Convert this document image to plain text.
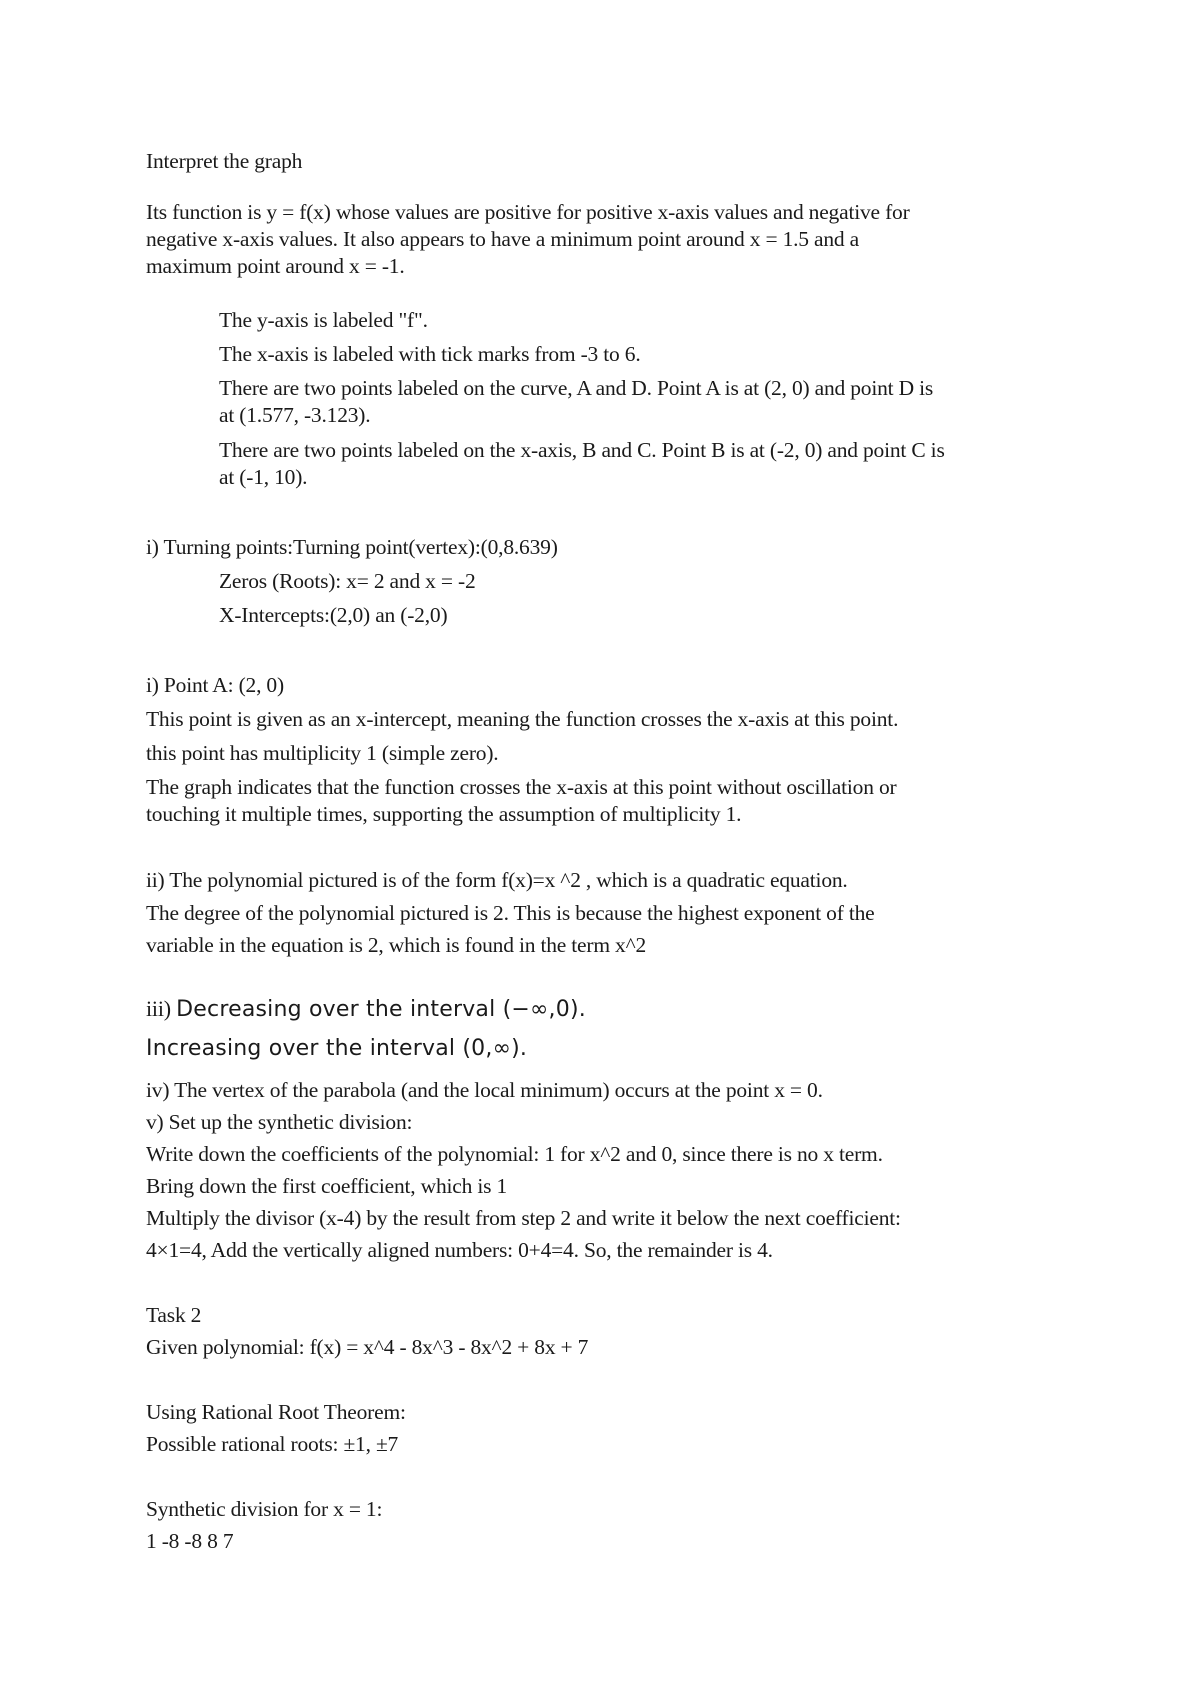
Interpret the graph
Its function is y = f(x) whose values are positive for positive x-axis values and negative for
negative x-axis values. It also appears to have a minimum point around x = 1.5 and a
maximum point around x = -1.
The y-axis is labeled "f".
The x-axis is labeled with tick marks from -3 to 6.
There are two points labeled on the curve, A and D. Point A is at (2, 0) and point D is
at (1.577, -3.123).
There are two points labeled on the x-axis, B and C. Point B is at (-2, 0) and point C is
at (-1, 10).
i) Turning points:Turning point(vertex):(0,8.639)
Zeros (Roots): x= 2 and x = -2
X-Intercepts:(2,0) an (-2,0)
i) Point A: (2, 0)
This point is given as an x-intercept, meaning the function crosses the x-axis at this point.
this point has multiplicity 1 (simple zero).
The graph indicates that the function crosses the x-axis at this point without oscillation or
touching it multiple times, supporting the assumption of multiplicity 1.
ii) The polynomial pictured is of the form f(x)=x ^2 , which is a quadratic equation.
The degree of the polynomial pictured is 2. This is because the highest exponent of the
variable in the equation is 2, which is found in the term x^2
iii) Decreasing over the interval (−∞,0).
Increasing over the interval (0,∞).
iv) The vertex of the parabola (and the local minimum) occurs at the point x = 0.
v) Set up the synthetic division:
Write down the coefficients of the polynomial: 1 for x^2 and 0, since there is no x term.
Bring down the first coefficient, which is 1
Multiply the divisor (x-4) by the result from step 2 and write it below the next coefficient:
4×1=4, Add the vertically aligned numbers: 0+4=4. So, the remainder is 4.
Task 2
Given polynomial: f(x) = x^4 - 8x^3 - 8x^2 + 8x + 7
Using Rational Root Theorem:
Possible rational roots: ±1, ±7
Synthetic division for x = 1:
1 -8 -8 8 7
